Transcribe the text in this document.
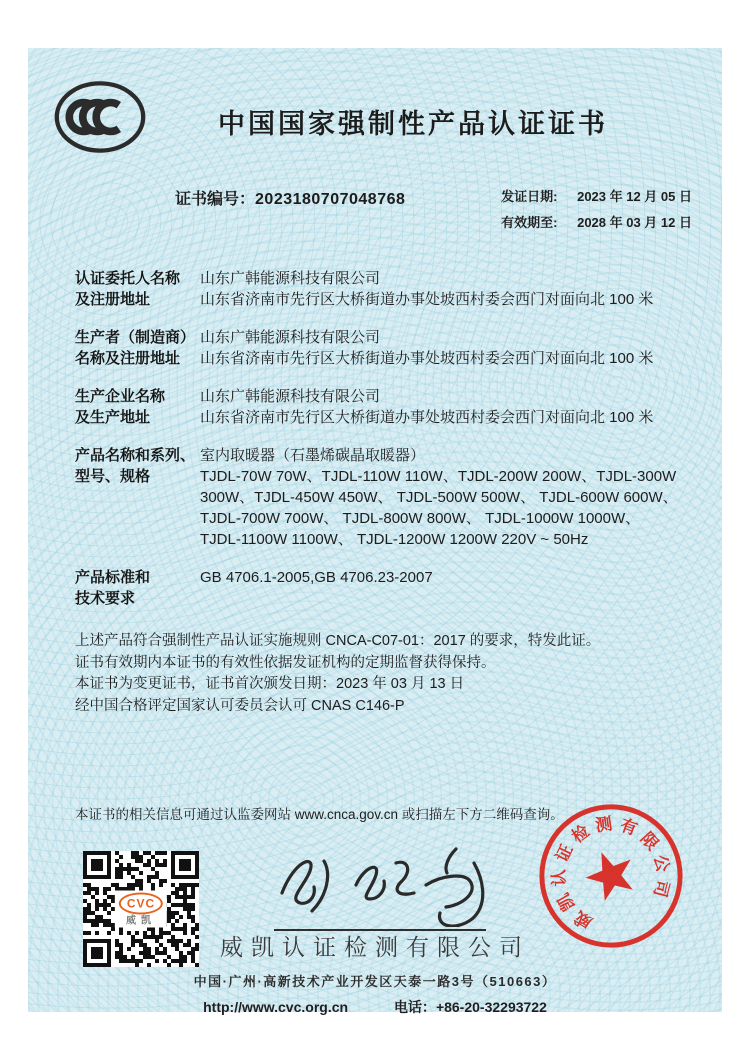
中国国家强制性产品认证证书
证书编号：2023180707048768	发证日期:	2023 年 12 月 05 日
有效期至:	2028 年 03 月 12 日
认证委托人名称
及注册地址
山东广韩能源科技有限公司
山东省济南市先行区大桥街道办事处坡西村委会西门对面向北 100 米
生产者（制造商）
名称及注册地址
山东广韩能源科技有限公司
山东省济南市先行区大桥街道办事处坡西村委会西门对面向北 100 米
生产企业名称
及生产地址
山东广韩能源科技有限公司
山东省济南市先行区大桥街道办事处坡西村委会西门对面向北 100 米
产品名称和系列、
型号、规格
室内取暖器（石墨烯碳晶取暖器）
TJDL-70W 70W、TJDL-110W 110W、TJDL-200W 200W、TJDL-300W 300W、TJDL-450W 450W、 TJDL-500W 500W、 TJDL-600W 600W、 TJDL-700W 700W、 TJDL-800W 800W、 TJDL-1000W 1000W、 TJDL-1100W 1100W、 TJDL-1200W 1200W 220V ~ 50Hz
产品标准和
技术要求
GB 4706.1-2005,GB 4706.23-2007
上述产品符合强制性产品认证实施规则 CNCA-C07-01：2017 的要求，特发此证。
证书有效期内本证书的有效性依据发证机构的定期监督获得保持。
本证书为变更证书，证书首次颁发日期：2023 年 03 月 13 日
经中国合格评定国家认可委员会认可 CNAS C146-P
本证书的相关信息可通过认监委网站 www.cnca.gov.cn 或扫描左下方二维码查询。
CVC
威凯	威
凯
认
证
检 测 有
限
公
司
威凯认证检测有限公司
中国·广州·高新技术产业开发区天泰一路3号（510663）
http://www.cvc.org.cn	电话：+86-20-32293722
